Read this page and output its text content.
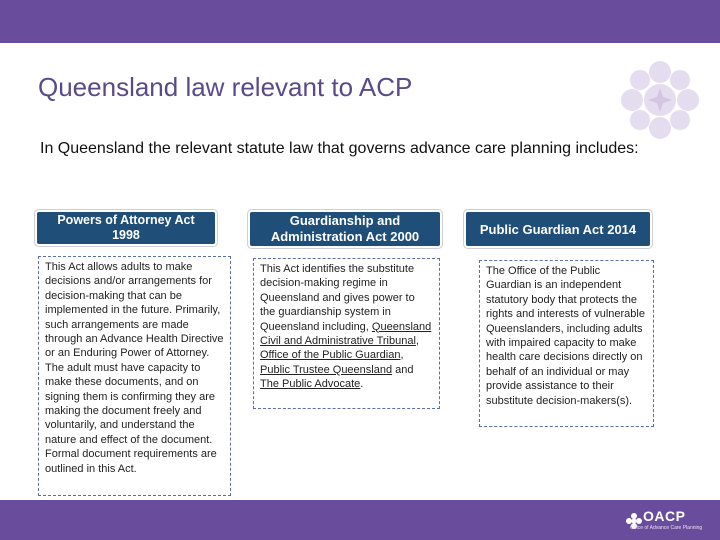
Queensland law relevant to ACP
In Queensland the relevant statute law that governs advance care planning includes:
Powers of Attorney Act
1998
This Act allows adults to make decisions and/or arrangements for decision-making that can be implemented in the future. Primarily, such arrangements are made through an Advance Health Directive or an Enduring Power of Attorney. The adult must have capacity to make these documents, and on signing them is confirming they are making the document freely and voluntarily, and understand the nature and effect of the document. Formal document requirements are outlined in this Act.
Guardianship and
Administration Act 2000
This Act identifies the substitute decision-making regime in Queensland and gives power to the guardianship system in Queensland including, Queensland Civil and Administrative Tribunal, Office of the Public Guardian, Public Trustee Queensland and The Public Advocate.
Public Guardian Act 2014
The Office of the Public Guardian is an independent statutory body that protects the rights and interests of vulnerable Queenslanders, including adults with impaired capacity to make health care decisions directly on behalf of an individual or may provide assistance to their substitute decision-makers(s).
OACP
Office of Advance Care Planning
